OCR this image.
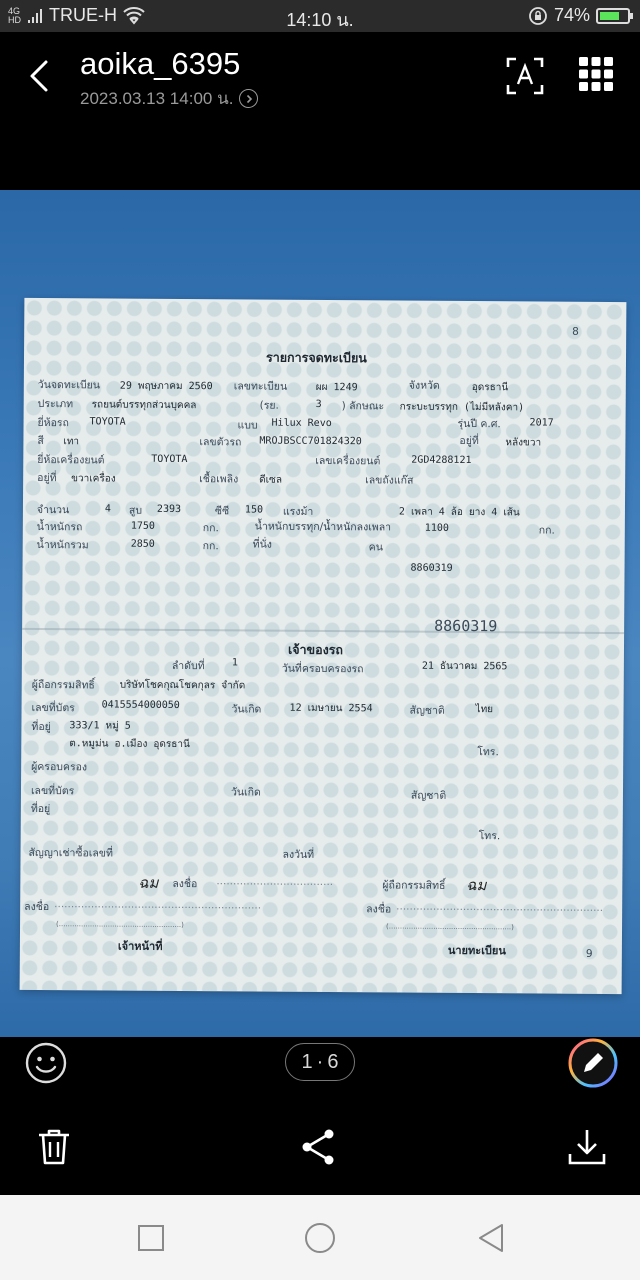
4G
HD TRUE-H	14:10 น.	74%
aoika_6395
2023.03.13 14:00 น.
8
รายการจดทะเบียน
วันจดทะเบียน 29 พฤษภาคม 2560 เลขทะเบียน	ผผ 1249	จังหวัด	อุดรธานี
ประเภท รถยนต์บรรทุกส่วนบุคคล	(รย.	3 ) ลักษณะ กระบะบรรทุก (ไม่มีหลังคา)
ยี่ห้อรถ TOYOTA	แบบ Hilux Revo	รุ่นปี ค.ศ.	2017
สี เทา	เลขตัวรถ MROJBSCC701824320	อยู่ที่	หลังขวา
ยี่ห้อเครื่องยนต์	TOYOTA	เลขเครื่องยนต์	2GD4288121
อยู่ที่ ขวาเครื่อง	เชื้อเพลิง ดีเซล	เลขถังแก๊ส
จำนวน	4 สูบ 2393	ซีซี 150 แรงม้า	2 เพลา 4 ล้อ ยาง 4 เส้น
น้ำหนักรถ	1750	กก.	น้ำหนักบรรทุก/น้ำหนักลงเพลา	1100	กก.
น้ำหนักรวม	2850	กก.	ที่นั่ง	คน
8860319
8860319
เจ้าของรถ
ลำดับที่	1	วันที่ครอบครองรถ	21 ธันวาคม 2565
ผู้ถือกรรมสิทธิ์ บริษัทโชคกุณโชคกุลร จำกัด
เลขที่บัตร	0415554000050	วันเกิด	12 เมษายน 2554	สัญชาติ	ไทย
ที่อยู่ 333/1 หมู่ 5
ต.หมูม่น อ.เมือง อุดรธานี
โทร.
ผู้ครอบครอง
เลขที่บัตร	วันเกิด	สัญชาติ
ที่อยู่
โทร.
สัญญาเช่าซื้อเลขที่	ลงวันที่
ฉม ลงชื่อ ...................................	ผู้ถือกรรมสิทธิ์ ฉม
ลงชื่อ ..............................................................	ลงชื่อ ..............................................................
(.......................................................)	(.......................................................)
เจ้าหน้าที่	นายทะเบียน	9
1 · 6
